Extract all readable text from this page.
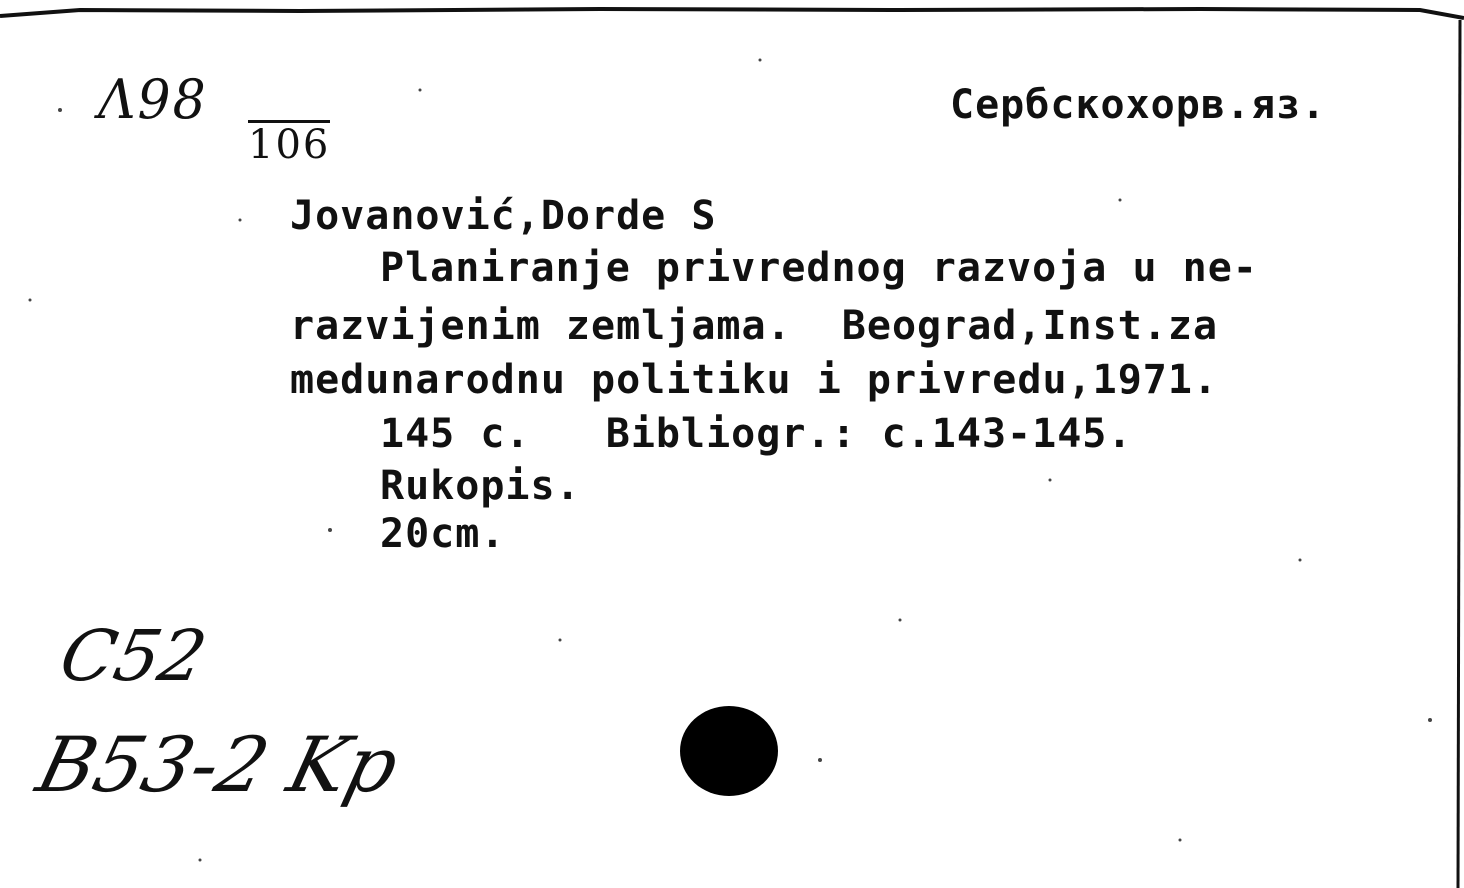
Λ98
106
Сербскохорв.яз.
Jovanović,Dorde S
Planiranje privrednog razvoja u ne-
razvijenim zemljama.  Beograd,Inst.za
medunarodnu politiku i privredu,1971.
145 c.   Bibliogr.: c.143-145.
Rukopis.
20cm.
C52
B53-2 Kp
